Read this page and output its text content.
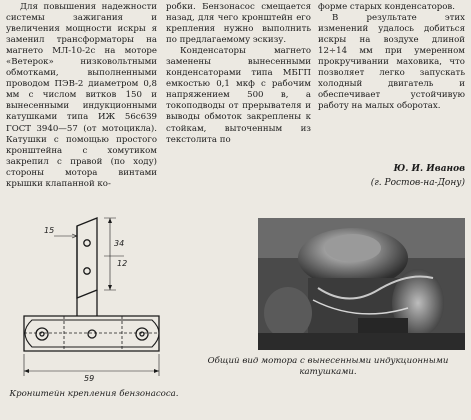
Для повышения надежности системы зажигания и увеличения мощности искры я заменил трансформаторы на магнето МЛ-10-2с на моторе «Ветерок» низковольтными обмотками, выполненными проводом ПЭВ-2 диаметром 0,8 мм с числом витков 150 и вынесенными индукционными катушками типа ИЖ 56с639 ГОСТ 3940—57 (от мотоцикла). Катушки с помощью простого кронштейна с хомутиком закрепил с правой (по ходу) стороны мотора винтами крышки клапанной ко-

робки. Бензонасос смещается назад, для чего кронштейн его крепления нужно выполнить по предлагаемому эскизу.

Конденсаторы магнето заменены вынесенными конденсаторами типа МБГП емкостью 0,1 мкф с рабочим напряжением 500 в, а токоподводы от прерывателя и выводы обмоток закреплены к стойкам, выточенным из текстолита по

форме старых конденсаторов.

В результате этих изменений удалось добиться искры на воздухе длиной 12÷14 мм при умеренном прокручивании маховика, что позволяет легко запускать холодный двигатель и обеспечивает устойчивую работу на малых оборотах.

Ю. И. Иванов
(г. Ростов-на-Дону)
34
15
12
59
Кронштейн крепления бензонасоса.
Общий вид мотора с вынесенными индукционными катушками.
